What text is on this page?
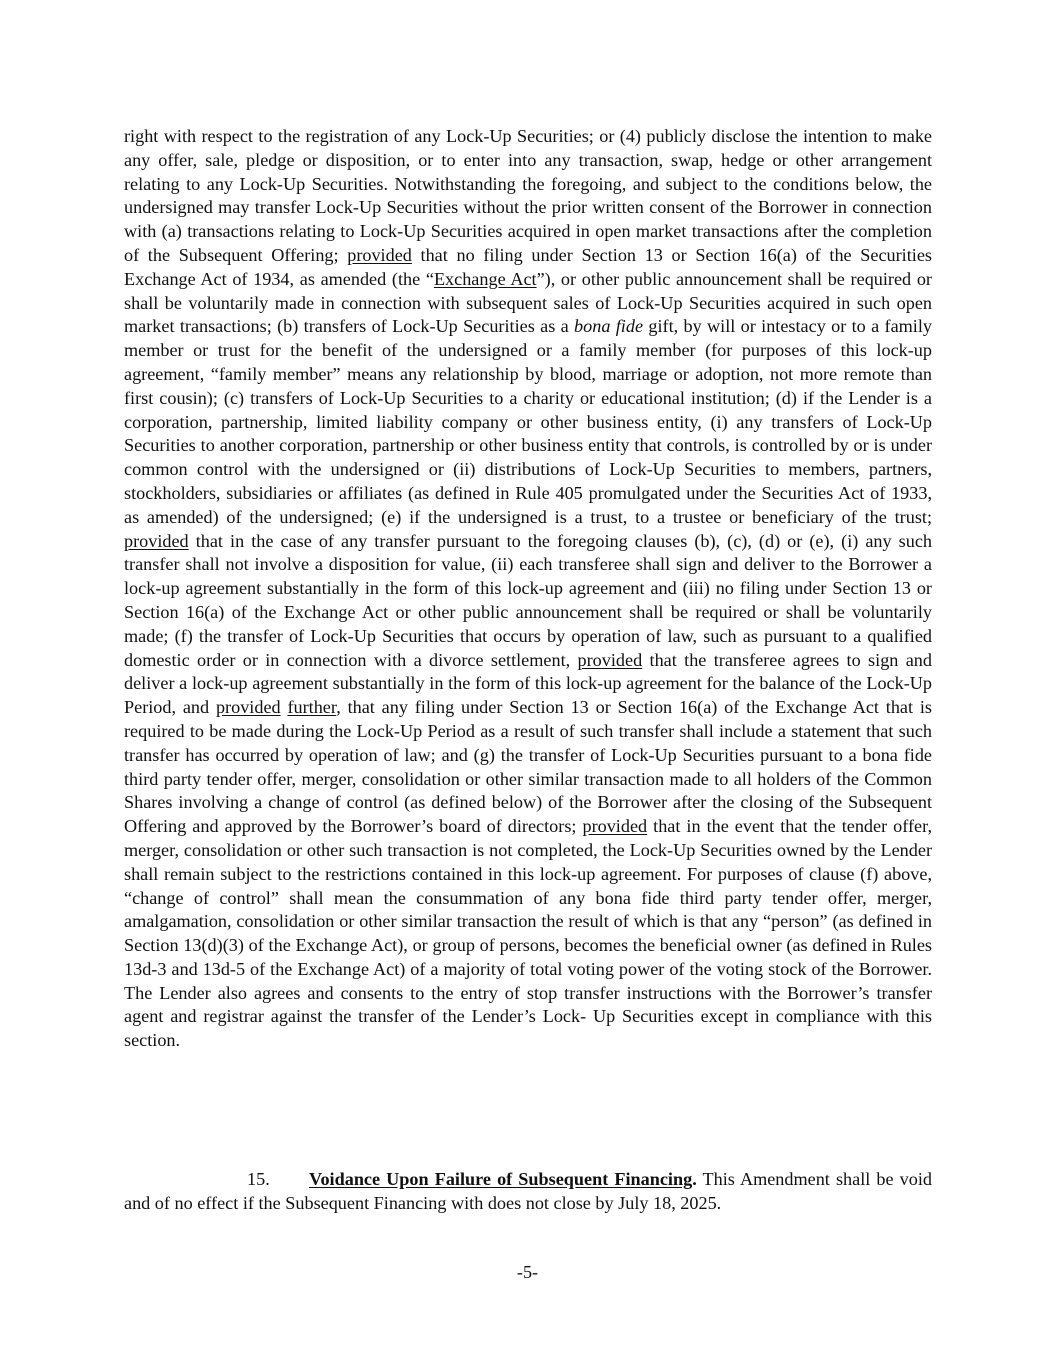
right with respect to the registration of any Lock-Up Securities; or (4) publicly disclose the intention to make any offer, sale, pledge or disposition, or to enter into any transaction, swap, hedge or other arrangement relating to any Lock-Up Securities. Notwithstanding the foregoing, and subject to the conditions below, the undersigned may transfer Lock-Up Securities without the prior written consent of the Borrower in connection with (a) transactions relating to Lock-Up Securities acquired in open market transactions after the completion of the Subsequent Offering; provided that no filing under Section 13 or Section 16(a) of the Securities Exchange Act of 1934, as amended (the “Exchange Act”), or other public announcement shall be required or shall be voluntarily made in connection with subsequent sales of Lock-Up Securities acquired in such open market transactions; (b) transfers of Lock-Up Securities as a bona fide gift, by will or intestacy or to a family member or trust for the benefit of the undersigned or a family member (for purposes of this lock-up agreement, “family member” means any relationship by blood, marriage or adoption, not more remote than first cousin); (c) transfers of Lock-Up Securities to a charity or educational institution; (d) if the Lender is a corporation, partnership, limited liability company or other business entity, (i) any transfers of Lock-Up Securities to another corporation, partnership or other business entity that controls, is controlled by or is under common control with the undersigned or (ii) distributions of Lock-Up Securities to members, partners, stockholders, subsidiaries or affiliates (as defined in Rule 405 promulgated under the Securities Act of 1933, as amended) of the undersigned; (e) if the undersigned is a trust, to a trustee or beneficiary of the trust; provided that in the case of any transfer pursuant to the foregoing clauses (b), (c), (d) or (e), (i) any such transfer shall not involve a disposition for value, (ii) each transferee shall sign and deliver to the Borrower a lock-up agreement substantially in the form of this lock-up agreement and (iii) no filing under Section 13 or Section 16(a) of the Exchange Act or other public announcement shall be required or shall be voluntarily made; (f) the transfer of Lock-Up Securities that occurs by operation of law, such as pursuant to a qualified domestic order or in connection with a divorce settlement, provided that the transferee agrees to sign and deliver a lock-up agreement substantially in the form of this lock-up agreement for the balance of the Lock-Up Period, and provided further, that any filing under Section 13 or Section 16(a) of the Exchange Act that is required to be made during the Lock-Up Period as a result of such transfer shall include a statement that such transfer has occurred by operation of law; and (g) the transfer of Lock-Up Securities pursuant to a bona fide third party tender offer, merger, consolidation or other similar transaction made to all holders of the Common Shares involving a change of control (as defined below) of the Borrower after the closing of the Subsequent Offering and approved by the Borrower’s board of directors; provided that in the event that the tender offer, merger, consolidation or other such transaction is not completed, the Lock-Up Securities owned by the Lender shall remain subject to the restrictions contained in this lock-up agreement. For purposes of clause (f) above, “change of control” shall mean the consummation of any bona fide third party tender offer, merger, amalgamation, consolidation or other similar transaction the result of which is that any “person” (as defined in Section 13(d)(3) of the Exchange Act), or group of persons, becomes the beneficial owner (as defined in Rules 13d-3 and 13d-5 of the Exchange Act) of a majority of total voting power of the voting stock of the Borrower. The Lender also agrees and consents to the entry of stop transfer instructions with the Borrower’s transfer agent and registrar against the transfer of the Lender’s Lock- Up Securities except in compliance with this section.

15. Voidance Upon Failure of Subsequent Financing. This Amendment shall be void and of no effect if the Subsequent Financing with does not close by July 18, 2025.

-5-
